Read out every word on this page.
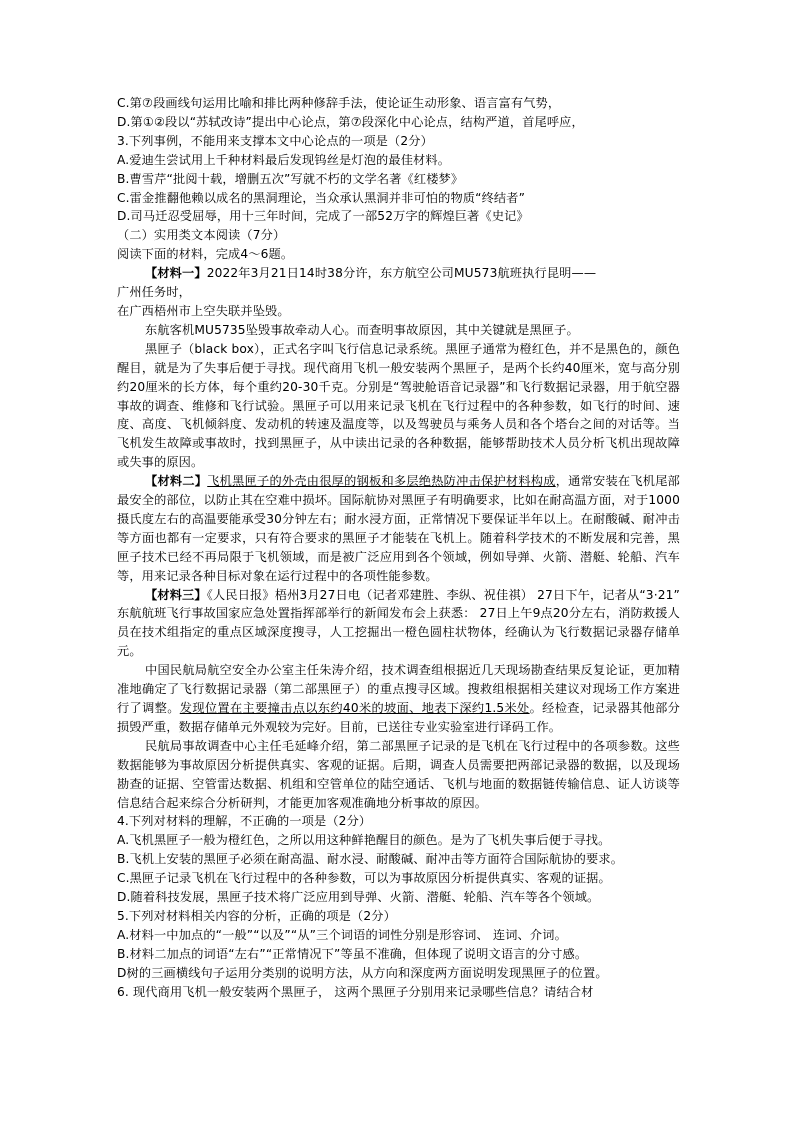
C.第⑦段画线句运用比喻和排比两种修辞手法，使论证生动形象、语言富有气势，
D.第①②段以“苏轼改诗”提出中心论点，第⑦段深化中心论点，结构严道，首尾呼应，
3.下列事例，不能用来支撑本文中心论点的一项是（2分）
A.爱迪生尝试用上千种材料最后发现钨丝是灯泡的最佳材料。
B.曹雪芹“批阅十载，增删五次”写就不朽的文学名著《红楼梦》
C.雷金推翻他赖以成名的黑洞理论，当众承认黑洞并非可怕的物质“终结者”
D.司马迁忍受屈辱，用十三年时间，完成了一部52万字的辉煌巨著《史记》
（二）实用类文本阅读（7分）
阅读下面的材料，完成4～6题。
【材料一】2022年3月21日14时38分许，东方航空公司MU573航班执行昆明——
广州任务时，
在广西梧州市上空失联并坠毁。
东航客机MU5735坠毁事故牵动人心。而查明事故原因，其中关键就是黑匣子。
黑匣子（black box），正式名字叫飞行信息记录系统。黑匣子通常为橙红色，并不是黑色的，颜色醒目，就是为了失事后便于寻找。现代商用飞机一般安装两个黑匣子，是两个长约40厘米，宽与高分别约20厘米的长方体，每个重约20-30千克。分别是“驾驶舱语音记录器”和飞行数据记录器，用于航空器事故的调查、维修和飞行试验。黑匣子可以用来记录飞机在飞行过程中的各种参数，如飞行的时间、速度、高度、飞机倾斜度、发动机的转速及温度等，以及驾驶员与乘务人员和各个塔台之间的对话等。当飞机发生故障或事故时，找到黑匣子，从中读出记录的各种数据，能够帮助技术人员分析飞机出现故障或失事的原因。
【材料二】飞机黑匣子的外壳由很厚的钢板和多层绝热防冲击保护材料构成，通常安装在飞机尾部最安全的部位，以防止其在空难中损坏。国际航协对黑匣子有明确要求，比如在耐高温方面，对于1000摄氏度左右的高温要能承受30分钟左右；耐水浸方面，正常情况下要保证半年以上。在耐酸碱、耐冲击等方面也都有一定要求，只有符合要求的黑匣子才能装在飞机上。随着科学技术的不断发展和完善，黑匣子技术已经不再局限于飞机领域，而是被广泛应用到各个领域，例如导弹、火箭、潜艇、轮船、汽车等，用来记录各种目标对象在运行过程中的各项性能参数。
【材料三】《人民日报》梧州3月27日电（记者邓建胜、李纵、祝佳祺） 27日下午，记者从“3·21” 东航航班飞行事故国家应急处置指挥部举行的新闻发布会上获悉： 27日上午9点20分左右，消防救援人员在技术组指定的重点区域深度搜寻，人工挖掘出一橙色圆柱状物体，经确认为飞行数据记录器存储单元。
中国民航局航空安全办公室主任朱涛介绍，技术调查组根据近几天现场勘查结果反复论证，更加精准地确定了飞行数据记录器（第二部黑匣子）的重点搜寻区域。搜救组根据相关建议对现场工作方案进行了调整。发现位置在主要撞击点以东约40米的坡面、地表下深约1.5米处。经检查，记录器其他部分损毁严重，数据存储单元外观较为完好。目前，已送往专业实验室进行译码工作。
民航局事故调查中心主任毛延峰介绍，第二部黑匣子记录的是飞机在飞行过程中的各项参数。这些数据能够为事故原因分析提供真实、客观的证据。后期，调查人员需要把两部记录器的数据，以及现场勘查的证据、空管雷达数据、机组和空管单位的陆空通话、飞机与地面的数据链传输信息、证人访谈等信息结合起来综合分析研判，才能更加客观准确地分析事故的原因。
4.下列对材料的理解，不正确的一项是（2分）
A.飞机黑匣子一般为橙红色，之所以用这种鲜艳醒目的颜色。是为了飞机失事后便于寻找。
B.飞机上安装的黑匣子必须在耐高温、耐水浸、耐酸碱、耐冲击等方面符合国际航协的要求。
C.黑匣子记录飞机在飞行过程中的各种参数，可以为事故原因分析提供真实、客观的证据。
D.随着科技发展，黑匣子技术将广泛应用到导弹、火箭、潜艇、轮船、汽车等各个领域。
5.下列对材料相关内容的分析，正确的项是（2分）
A.材料一中加点的“一般”“以及”“从”三个词语的词性分别是形容词、 连词、介词。
B.材料二加点的词语“左右”“正常情况下”等虽不准确，但体现了说明文语言的分寸感。
D树的三画横线句子运用分类别的说明方法，从方向和深度两方面说明发现黑匣子的位置。
6. 现代商用飞机一般安装两个黑匣子， 这两个黑匣子分别用来记录哪些信息？请结合材
